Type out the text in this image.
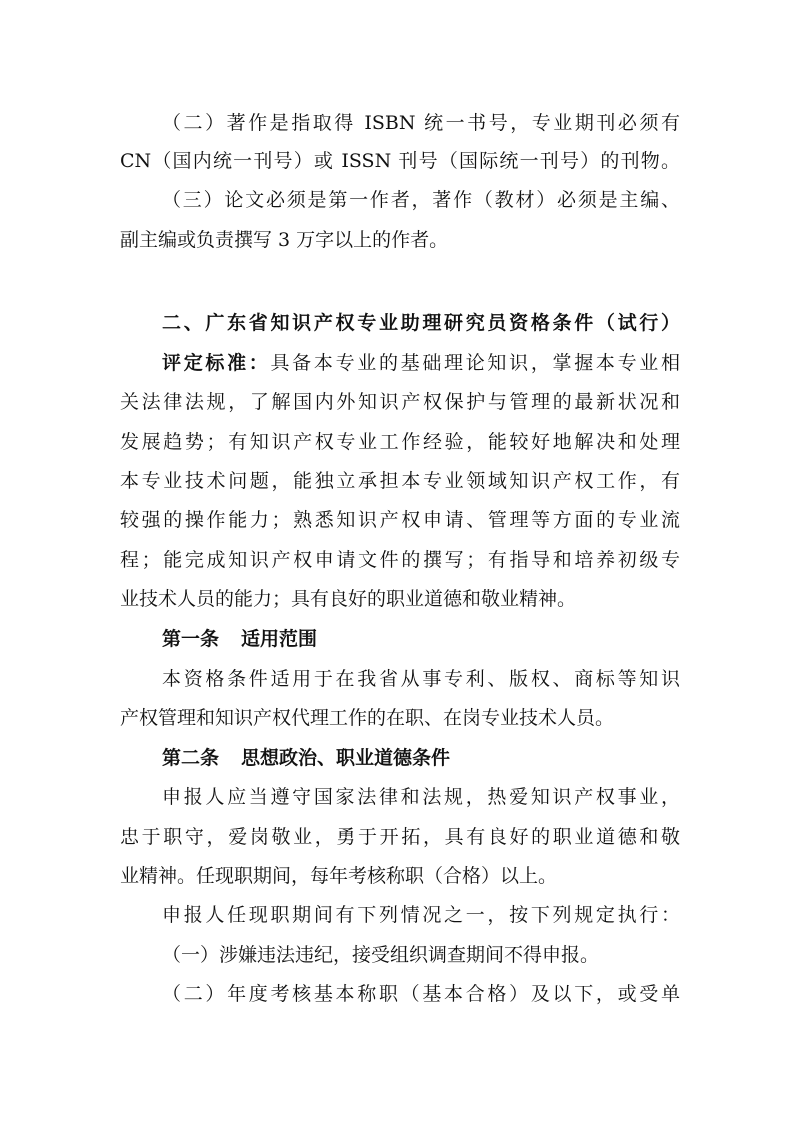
（二）著作是指取得 ISBN 统一书号，专业期刊必须有
CN（国内统一刊号）或 ISSN 刊号（国际统一刊号）的刊物。
（三）论文必须是第一作者，著作（教材）必须是主编、
副主编或负责撰写 3 万字以上的作者。
二、广东省知识产权专业助理研究员资格条件（试行）
评定标准：具备本专业的基础理论知识，掌握本专业相
关法律法规，了解国内外知识产权保护与管理的最新状况和
发展趋势；有知识产权专业工作经验，能较好地解决和处理
本专业技术问题，能独立承担本专业领域知识产权工作，有
较强的操作能力；熟悉知识产权申请、管理等方面的专业流
程；能完成知识产权申请文件的撰写；有指导和培养初级专
业技术人员的能力；具有良好的职业道德和敬业精神。
第一条 适用范围
本资格条件适用于在我省从事专利、版权、商标等知识
产权管理和知识产权代理工作的在职、在岗专业技术人员。
第二条 思想政治、职业道德条件
申报人应当遵守国家法律和法规，热爱知识产权事业，
忠于职守，爱岗敬业，勇于开拓，具有良好的职业道德和敬
业精神。任现职期间，每年考核称职（合格）以上。
申报人任现职期间有下列情况之一，按下列规定执行：
（一）涉嫌违法违纪，接受组织调查期间不得申报。
（二）年度考核基本称职（基本合格）及以下，或受单
